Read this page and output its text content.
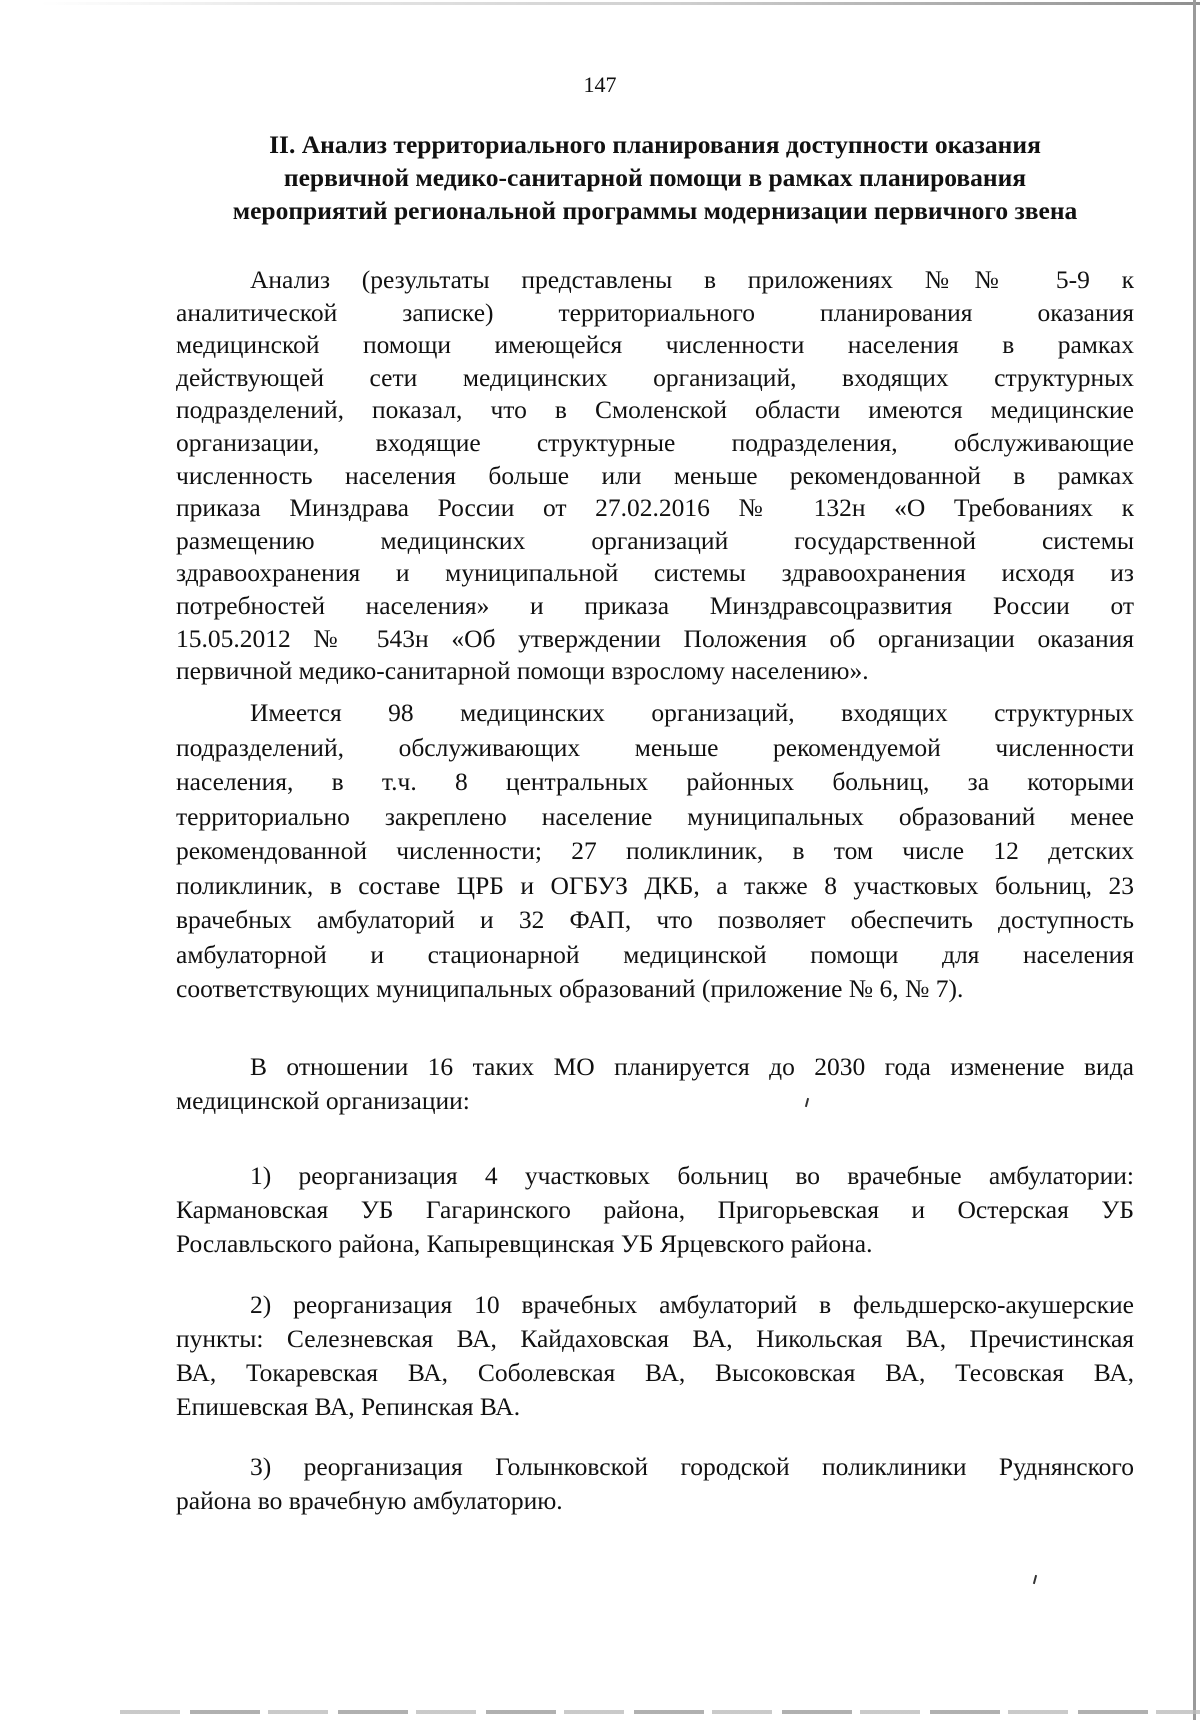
147
II. Анализ территориального планирования доступности оказания
первичной медико-санитарной помощи в рамках планирования
мероприятий региональной программы модернизации первичного звена
Анализ (результаты представлены в приложениях №№ 5-9 к
аналитической записке) территориального планирования оказания
медицинской помощи имеющейся численности населения в рамках
действующей сети медицинских организаций, входящих структурных
подразделений, показал, что в Смоленской области имеются медицинские
организации, входящие структурные подразделения, обслуживающие
численность населения больше или меньше рекомендованной в рамках
приказа Минздрава России от 27.02.2016 № 132н «О Требованиях к
размещению медицинских организаций государственной системы
здравоохранения и муниципальной системы здравоохранения исходя из
потребностей населения» и приказа Минздравсоцразвития России от
15.05.2012 № 543н «Об утверждении Положения об организации оказания
первичной медико-санитарной помощи взрослому населению».
Имеется 98 медицинских организаций, входящих структурных
подразделений, обслуживающих меньше рекомендуемой численности
населения, в т.ч. 8 центральных районных больниц, за которыми
территориально закреплено население муниципальных образований менее
рекомендованной численности; 27 поликлиник, в том числе 12 детских
поликлиник, в составе ЦРБ и ОГБУЗ ДКБ, а также 8 участковых больниц, 23
врачебных амбулаторий и 32 ФАП, что позволяет обеспечить доступность
амбулаторной и стационарной медицинской помощи для населения
соответствующих муниципальных образований (приложение № 6, № 7).
В отношении 16 таких МО планируется до 2030 года изменение вида
медицинской организации:
1) реорганизация 4 участковых больниц во врачебные амбулатории:
Кармановская УБ Гагаринского района, Пригорьевская и Остерская УБ
Рославльского района, Капыревщинская УБ Ярцевского района.
2) реорганизация 10 врачебных амбулаторий в фельдшерско-акушерские
пункты: Селезневская ВА, Кайдаховская ВА, Никольская ВА, Пречистинская
ВА, Токаревская ВА, Соболевская ВА, Высоковская ВА, Тесовская ВА,
Епишевская ВА, Репинская ВА.
3) реорганизация Голынковской городской поликлиники Руднянского
района во врачебную амбулаторию.
